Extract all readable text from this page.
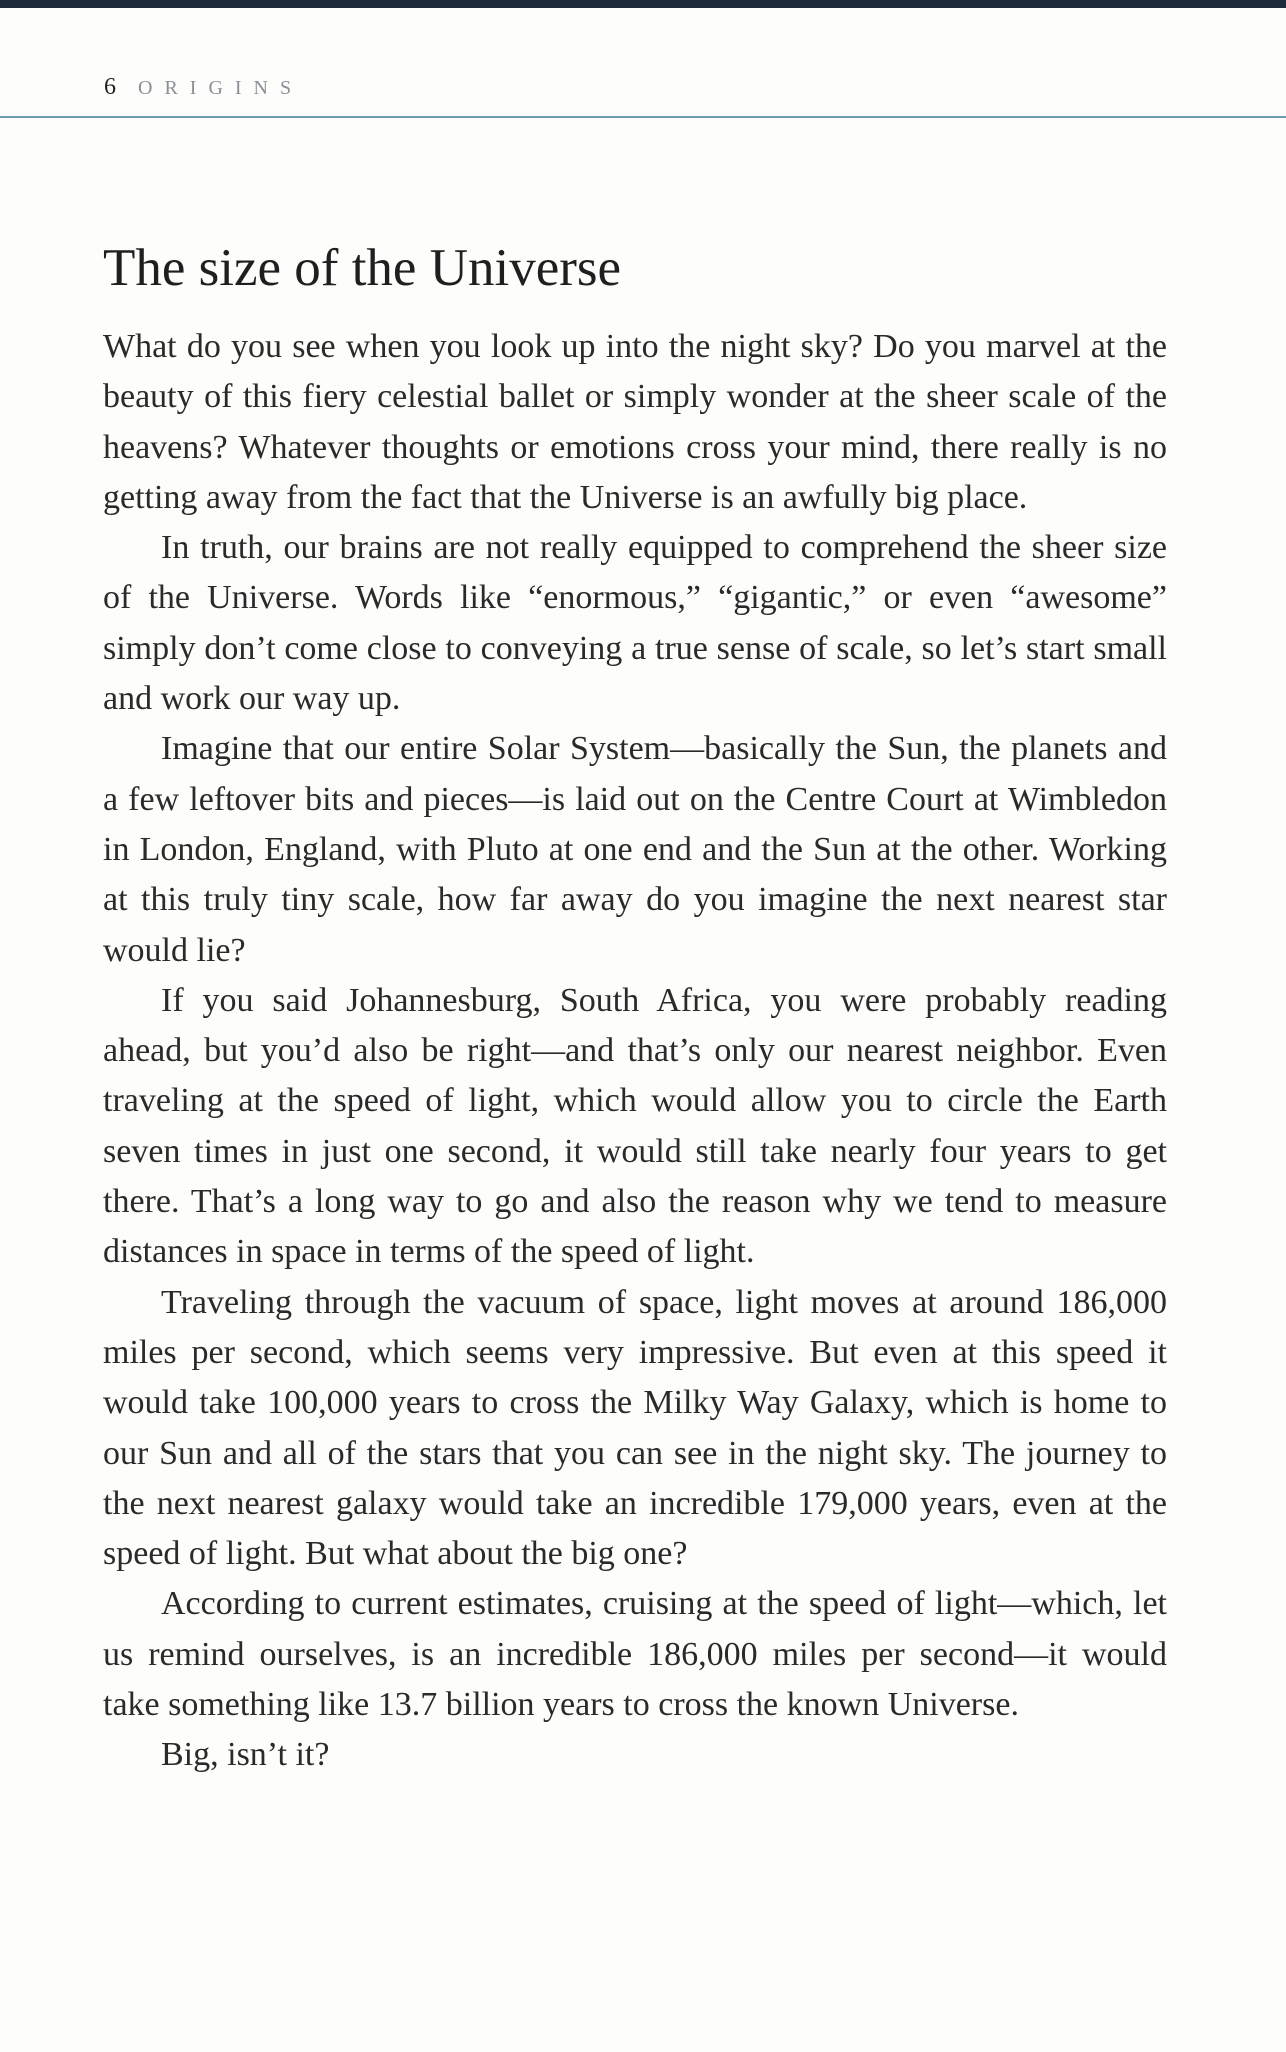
6 ORIGINS
The size of the Universe

What do you see when you look up into the night sky? Do you marvel at the beauty of this fiery celestial ballet or simply wonder at the sheer scale of the heavens? Whatever thoughts or emotions cross your mind, there really is no getting away from the fact that the Universe is an awfully big place.

In truth, our brains are not really equipped to comprehend the sheer size of the Universe. Words like “enormous,” “gigantic,” or even “awesome” simply don’t come close to conveying a true sense of scale, so let’s start small and work our way up.

Imagine that our entire Solar System—basically the Sun, the planets and a few leftover bits and pieces—is laid out on the Centre Court at Wimbledon in London, England, with Pluto at one end and the Sun at the other. Working at this truly tiny scale, how far away do you imagine the next nearest star would lie?

If you said Johannesburg, South Africa, you were probably reading ahead, but you’d also be right—and that’s only our nearest neighbor. Even traveling at the speed of light, which would allow you to circle the Earth seven times in just one second, it would still take nearly four years to get there. That’s a long way to go and also the reason why we tend to measure distances in space in terms of the speed of light.

Traveling through the vacuum of space, light moves at around 186,000 miles per second, which seems very impressive. But even at this speed it would take 100,000 years to cross the Milky Way Galaxy, which is home to our Sun and all of the stars that you can see in the night sky. The journey to the next nearest galaxy would take an incredible 179,000 years, even at the speed of light. But what about the big one?

According to current estimates, cruising at the speed of light—which, let us remind ourselves, is an incredible 186,000 miles per second—it would take something like 13.7 billion years to cross the known Universe.

Big, isn’t it?
